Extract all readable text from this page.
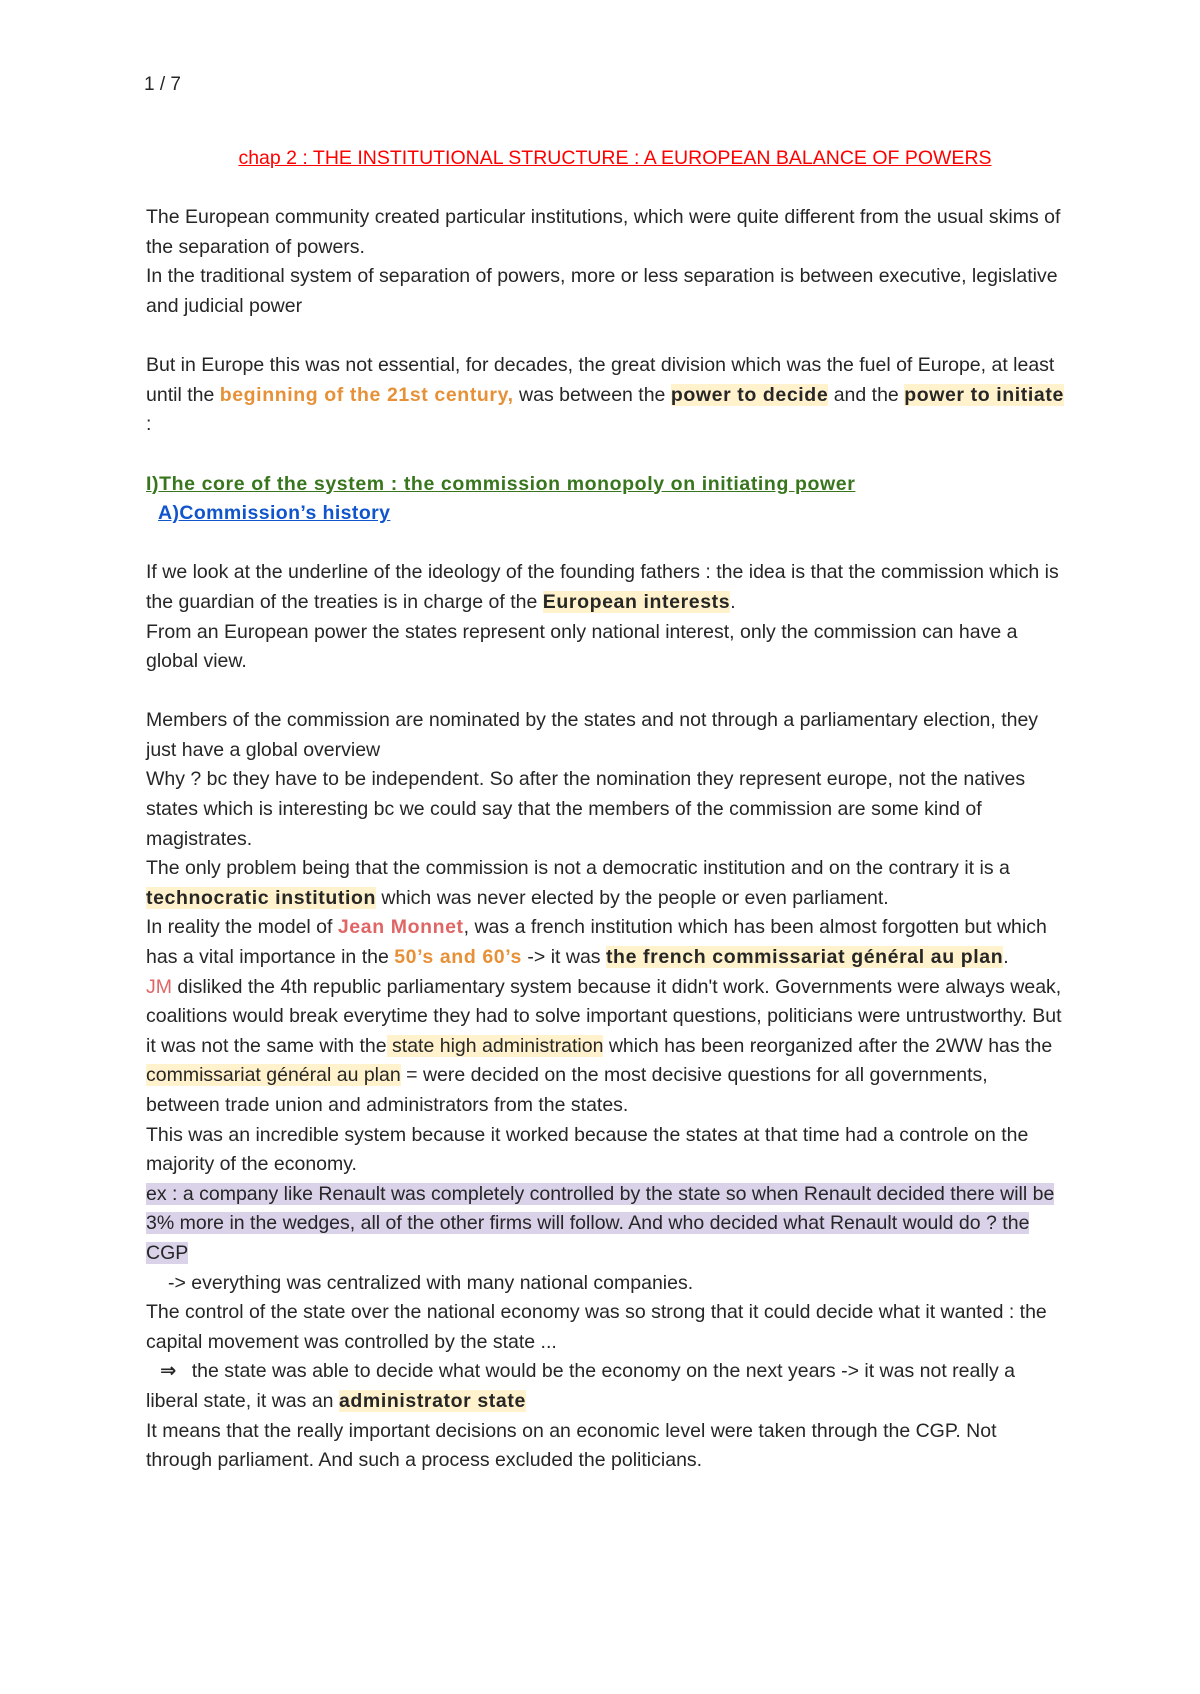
1 / 7
chap 2 : THE INSTITUTIONAL STRUCTURE : A EUROPEAN BALANCE OF POWERS

The European community created particular institutions, which were quite different from the usual skims of the separation of powers.

In the traditional system of separation of powers, more or less separation is between executive, legislative and judicial power

But in Europe this was not essential, for decades, the great division which was the fuel of Europe, at least until the beginning of the 21st century, was between the power to decide and the power to initiate :

I)The core of the system : the commission monopoly on initiating power

A)Commission’s history

If we look at the underline of the ideology of the founding fathers : the idea is that the commission which is the guardian of the treaties is in charge of the European interests.

From an European power the states represent only national interest, only the commission can have a global view.

Members of the commission are nominated by the states and not through a parliamentary election, they just have a global overview

Why ? bc they have to be independent. So after the nomination they represent europe, not the natives states which is interesting bc we could say that the members of the commission are some kind of magistrates.

The only problem being that the commission is not a democratic institution and on the contrary it is a technocratic institution which was never elected by the people or even parliament.

In reality the model of Jean Monnet, was a french institution which has been almost forgotten but which has a vital importance in the 50’s and 60’s -> it was the french commissariat général au plan.

JM disliked the 4th republic parliamentary system because it didn't work. Governments were always weak, coalitions would break everytime they had to solve important questions, politicians were untrustworthy. But it was not the same with the state high administration which has been reorganized after the 2WW has the commissariat général au plan = were decided on the most decisive questions for all governments, between trade union and administrators from the states.

This was an incredible system because it worked because the states at that time had a controle on the majority of the economy.

ex : a company like Renault was completely controlled by the state so when Renault decided there will be 3% more in the wedges, all of the other firms will follow. And who decided what Renault would do ? the CGP

-> everything was centralized with many national companies.

The control of the state over the national economy was so strong that it could decide what it wanted : the capital movement was controlled by the state ...

⇒ the state was able to decide what would be the economy on the next years -> it was not really a liberal state, it was an administrator state

It means that the really important decisions on an economic level were taken through the CGP. Not through parliament. And such a process excluded the politicians.
